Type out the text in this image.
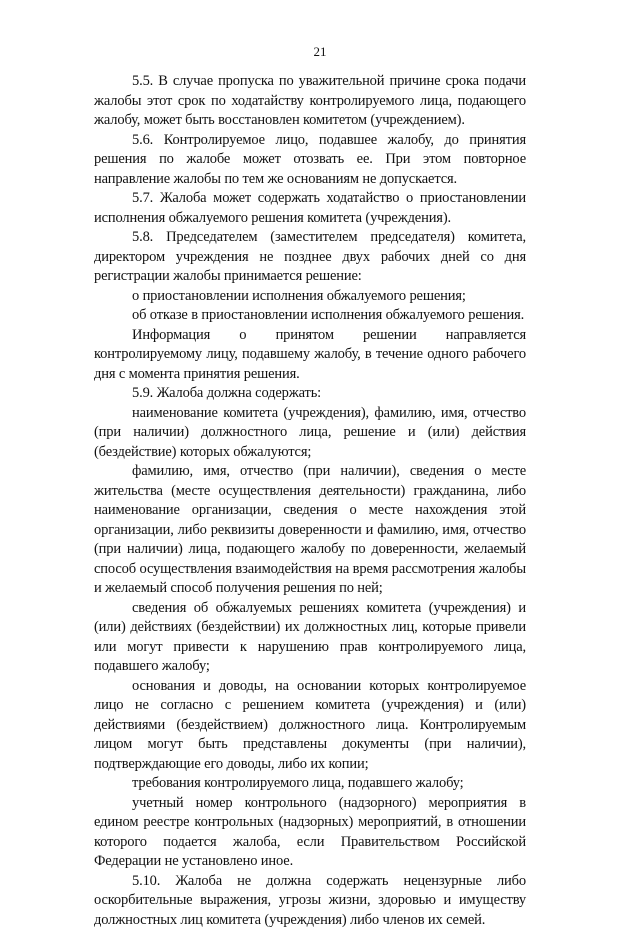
21

5.5. В случае пропуска по уважительной причине срока подачи жалобы этот срок по ходатайству контролируемого лица, подающего жалобу, может быть восстановлен комитетом (учреждением).

5.6. Контролируемое лицо, подавшее жалобу, до принятия решения по жалобе может отозвать ее. При этом повторное направление жалобы по тем же основаниям не допускается.

5.7. Жалоба может содержать ходатайство о приостановлении исполнения обжалуемого решения комитета (учреждения).

5.8. Председателем (заместителем председателя) комитета, директором учреждения не позднее двух рабочих дней со дня регистрации жалобы принимается решение:

о приостановлении исполнения обжалуемого решения;

об отказе в приостановлении исполнения обжалуемого решения.

Информация о принятом решении направляется контролируемому лицу, подавшему жалобу, в течение одного рабочего дня с момента принятия решения.

5.9. Жалоба должна содержать:

наименование комитета (учреждения), фамилию, имя, отчество (при наличии) должностного лица, решение и (или) действия (бездействие) которых обжалуются;

фамилию, имя, отчество (при наличии), сведения о месте жительства (месте осуществления деятельности) гражданина, либо наименование организации, сведения о месте нахождения этой организации, либо реквизиты доверенности и фамилию, имя, отчество (при наличии) лица, подающего жалобу по доверенности, желаемый способ осуществления взаимодействия на время рассмотрения жалобы и желаемый способ получения решения по ней;

сведения об обжалуемых решениях комитета (учреждения) и (или) действиях (бездействии) их должностных лиц, которые привели или могут привести к нарушению прав контролируемого лица, подавшего жалобу;

основания и доводы, на основании которых контролируемое лицо не согласно с решением комитета (учреждения) и (или) действиями (бездействием) должностного лица. Контролируемым лицом могут быть представлены документы (при наличии), подтверждающие его доводы, либо их копии;

требования контролируемого лица, подавшего жалобу;

учетный номер контрольного (надзорного) мероприятия в едином реестре контрольных (надзорных) мероприятий, в отношении которого подается жалоба, если Правительством Российской Федерации не установлено иное.

5.10. Жалоба не должна содержать нецензурные либо оскорбительные выражения, угрозы жизни, здоровью и имуществу должностных лиц комитета (учреждения) либо членов их семей.
